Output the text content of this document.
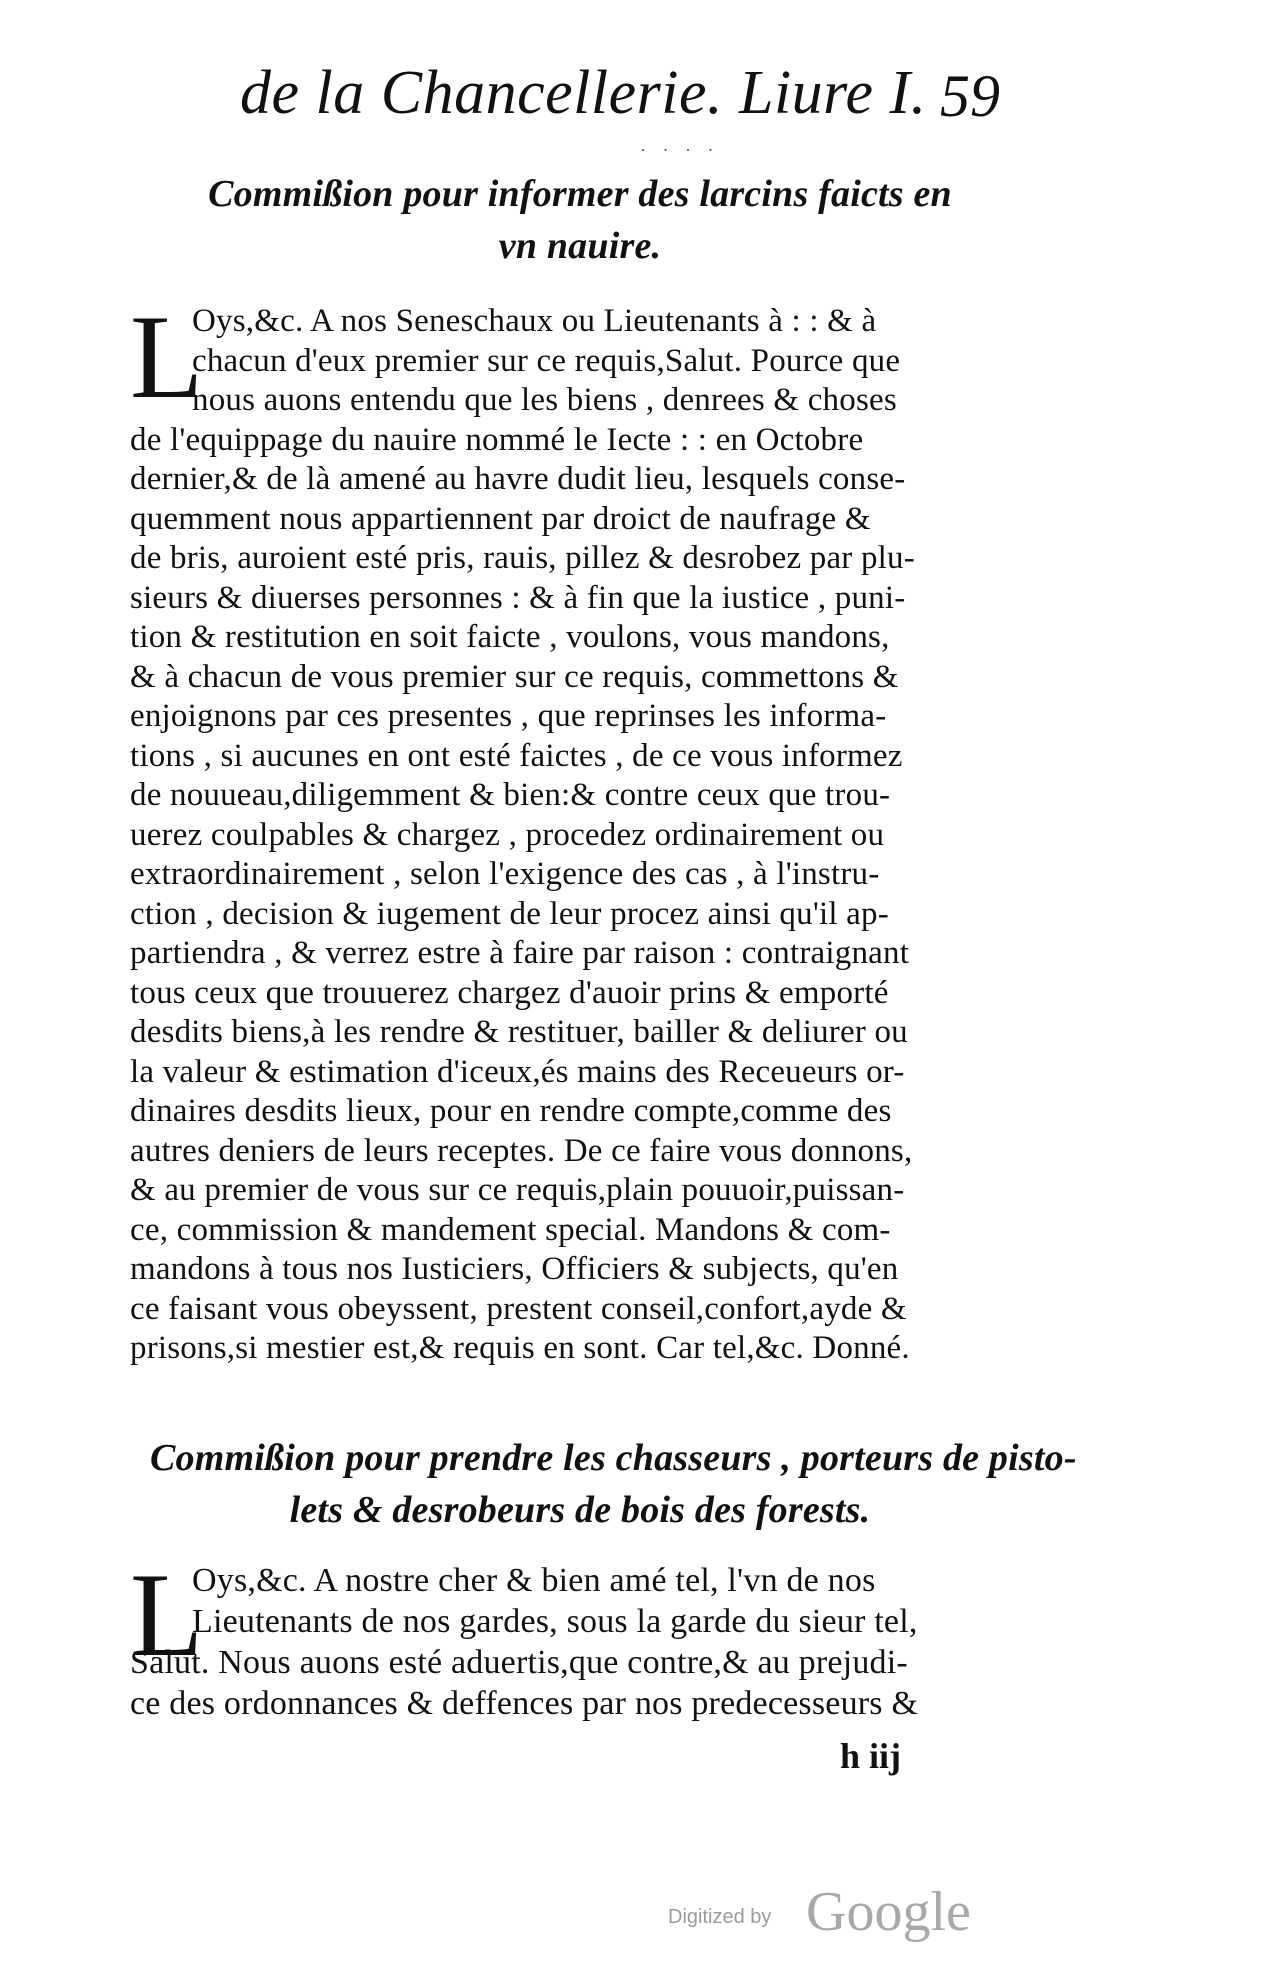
de la Chancellerie. Liure I. 59
· · · ·
Commißion pour informer des larcins faicts en
vn nauire.
L
Oys,&c. A nos Seneschaux ou Lieutenants à : : & à
chacun d'eux premier sur ce requis,Salut. Pource que
nous auons entendu que les biens , denrees & choses
de l'equippage du nauire nommé le Iecte : : en Octobre
dernier,& de là amené au havre dudit lieu, lesquels conse-
quemment nous appartiennent par droict de naufrage &
de bris, auroient esté pris, rauis, pillez & desrobez par plu-
sieurs & diuerses personnes : & à fin que la iustice , puni-
tion & restitution en soit faicte , voulons, vous mandons,
& à chacun de vous premier sur ce requis, commettons &
enjoignons par ces presentes , que reprinses les informa-
tions , si aucunes en ont esté faictes , de ce vous informez
de nouueau,diligemment & bien:& contre ceux que trou-
uerez coulpables & chargez , procedez ordinairement ou
extraordinairement , selon l'exigence des cas , à l'instru-
ction , decision & iugement de leur procez ainsi qu'il ap-
partiendra , & verrez estre à faire par raison : contraignant
tous ceux que trouuerez chargez d'auoir prins & emporté
desdits biens,à les rendre & restituer, bailler & deliurer ou
la valeur & estimation d'iceux,és mains des Receueurs or-
dinaires desdits lieux, pour en rendre compte,comme des
autres deniers de leurs receptes. De ce faire vous donnons,
& au premier de vous sur ce requis,plain pouuoir,puissan-
ce, commission & mandement special. Mandons & com-
mandons à tous nos Iusticiers, Officiers & subjects, qu'en
ce faisant vous obeyssent, prestent conseil,confort,ayde &
prisons,si mestier est,& requis en sont. Car tel,&c. Donné.
Commißion pour prendre les chasseurs , porteurs de pisto-
lets & desrobeurs de bois des forests.
L
Oys,&c. A nostre cher & bien amé tel, l'vn de nos
Lieutenants de nos gardes, sous la garde du sieur tel,
Salut. Nous auons esté aduertis,que contre,& au prejudi-
ce des ordonnances & deffences par nos predecesseurs &
h iij
Digitized by Google
